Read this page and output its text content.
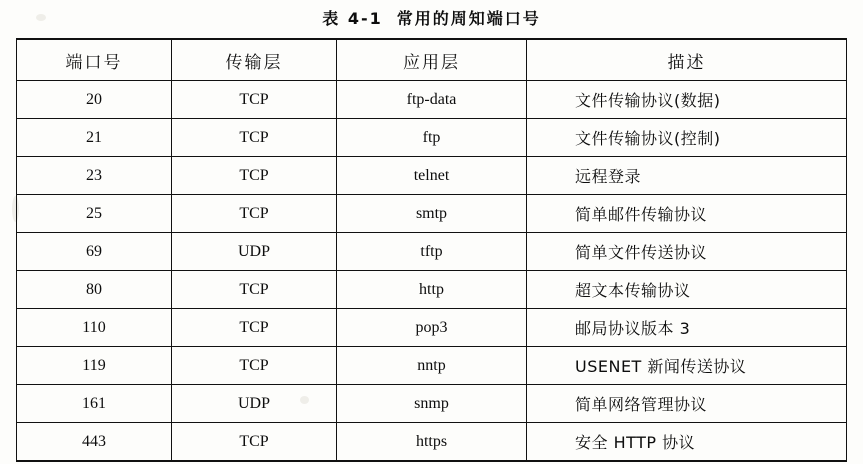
表 4-1 常用的周知端口号
端口号	传输层	应用层	描述
20	TCP	ftp-data	文件传输协议(数据)
21	TCP	ftp	文件传输协议(控制)
23	TCP	telnet	远程登录
25	TCP	smtp	简单邮件传输协议
69	UDP	tftp	简单文件传送协议
80	TCP	http	超文本传输协议
110	TCP	pop3	邮局协议版本 3
119	TCP	nntp	USENET 新闻传送协议
161	UDP	snmp	简单网络管理协议
443	TCP	https	安全 HTTP 协议
